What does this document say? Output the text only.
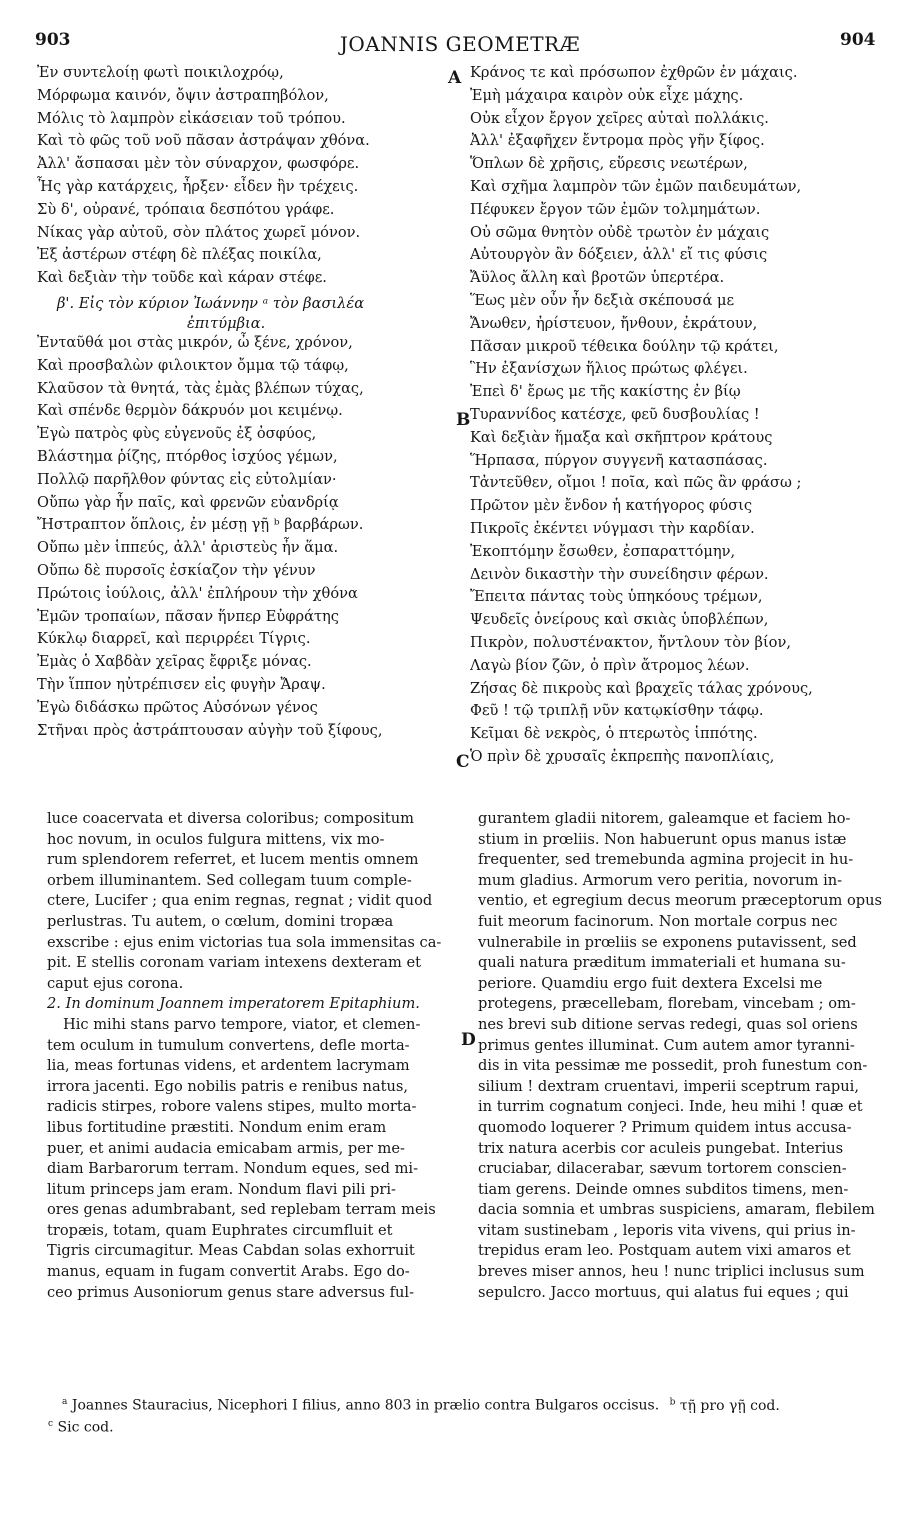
903	JOANNIS GEOMETRÆ	904
A
B
C
D
Ἐν συντελοίῃ φωτὶ ποικιλοχρόῳ,
Μόρφωμα καινόν, ὄψιν ἀστραπηβόλον,
Μόλις τὸ λαμπρὸν εἰκάσειαν τοῦ τρόπου.
Καὶ τὸ φῶς τοῦ νοῦ πᾶσαν ἀστράψαν χθόνα.
Ἀλλ' ἄσπασαι μὲν τὸν σύναρχον, φωσφόρε.
Ἧς γὰρ κατάρχεις, ἦρξεν· εἶδεν ἣν τρέχεις.
Σὺ δ', οὐρανέ, τρόπαια δεσπότου γράφε.
Νίκας γὰρ αὐτοῦ, σὸν πλάτος χωρεῖ μόνον.
Ἐξ ἀστέρων στέφη δὲ πλέξας ποικίλα,
Καὶ δεξιὰν τὴν τοῦδε καὶ κάραν στέφε.
β'. Εἰς τὸν κύριον Ἰωάννην ᵃ τὸν βασιλέα
ἐπιτύμβια.
Ἐνταῦθά μοι στὰς μικρόν, ὦ ξένε, χρόνον,
Καὶ προσβαλὼν φιλοικτον ὄμμα τῷ τάφῳ,
Κλαῦσον τὰ θνητά, τὰς ἐμὰς βλέπων τύχας,
Καὶ σπένδε θερμὸν δάκρυόν μοι κειμένῳ.
Ἐγὼ πατρὸς φὺς εὐγενοῦς ἐξ ὀσφύος,
Βλάστημα ῥίζης, πτόρθος ἰσχύος γέμων,
Πολλῷ παρῆλθον φύντας εἰς εὐτολμίαν·
Οὔπω γὰρ ἦν παῖς, καὶ φρενῶν εὐανδρίᾳ
Ἤστραπτον ὅπλοις, ἐν μέσῃ γῇ ᵇ βαρβάρων.
Οὔπω μὲν ἱππεύς, ἀλλ' ἀριστεὺς ἦν ἅμα.
Οὔπω δὲ πυρσοῖς ἐσκίαζον τὴν γένυν
Πρώτοις ἰούλοις, ἀλλ' ἐπλήρουν τὴν χθόνα
Ἐμῶν τροπαίων, πᾶσαν ἥνπερ Εὐφράτης
Κύκλῳ διαρρεῖ, καὶ περιρρέει Τίγρις.
Ἐμὰς ὁ Χαβδὰν χεῖρας ἔφριξε μόνας.
Τὴν ἵππον ηὐτρέπισεν εἰς φυγὴν Ἄραψ.
Ἐγὼ διδάσκω πρῶτος Αὐσόνων γένος
Στῆναι πρὸς ἀστράπτουσαν αὐγὴν τοῦ ξίφους,
Κράνος τε καὶ πρόσωπον ἐχθρῶν ἐν μάχαις.
Ἐμὴ μάχαιρα καιρὸν οὐκ εἶχε μάχης.
Οὐκ εἶχον ἔργον χεῖρες αὐταὶ πολλάκις.
Ἀλλ' ἐξαφῆχεν ἔντρομα πρὸς γῆν ξίφος.
Ὅπλων δὲ χρῆσις, εὕρεσις νεωτέρων,
Καὶ σχῆμα λαμπρὸν τῶν ἐμῶν παιδευμάτων,
Πέφυκεν ἔργον τῶν ἐμῶν τολμημάτων.
Οὐ σῶμα θνητὸν οὐδὲ τρωτὸν ἐν μάχαις
Αὐτουργὸν ἂν δόξειεν, ἀλλ' εἴ τις φύσις
Ἄϋλος ἄλλη καὶ βροτῶν ὑπερτέρα.
Ἕως μὲν οὖν ἦν δεξιὰ σκέπουσά με
Ἄνωθεν, ἠρίστευον, ἤνθουν, ἐκράτουν,
Πᾶσαν μικροῦ τέθεικα δούλην τῷ κράτει,
Ἣν ἐξανίσχων ἥλιος πρώτως φλέγει.
Ἐπεὶ δ' ἔρως με τῆς κακίστης ἐν βίῳ
Τυραννίδος κατέσχε, φεῦ δυσβουλίας !
Καὶ δεξιὰν ἥμαξα καὶ σκῆπτρον κράτους
Ἥρπασα, πύργον συγγενῆ κατασπάσας.
Τἀντεῦθεν, οἴμοι ! ποῖα, καὶ πῶς ἂν φράσω ;
Πρῶτον μὲν ἔνδον ἡ κατήγορος φύσις
Πικροῖς ἐκέντει νύγμασι τὴν καρδίαν.
Ἐκοπτόμην ἔσωθεν, ἐσπαραττόμην,
Δεινὸν δικαστὴν τὴν συνείδησιν φέρων.
Ἔπειτα πάντας τοὺς ὑπηκόους τρέμων,
Ψευδεῖς ὀνείρους καὶ σκιὰς ὑποβλέπων,
Πικρὸν, πολυστένακτον, ἤντλουν τὸν βίον,
Λαγὼ βίον ζῶν, ὁ πρὶν ἄτρομος λέων.
Ζήσας δὲ πικροὺς καὶ βραχεῖς τάλας χρόνους,
Φεῦ ! τῷ τριπλῇ νῦν κατῳκίσθην τάφῳ.
Κεῖμαι δὲ νεκρὸς, ὁ πτερωτὸς ἱππότης.
Ὁ πρὶν δὲ χρυσαῖς ἐκπρεπὴς πανοπλίαις,
luce coacervata et diversa coloribus; compositum
hoc novum, in oculos fulgura mittens, vix mo-
rum splendorem referret, et lucem mentis omnem
orbem illuminantem. Sed collegam tuum comple-
ctere, Lucifer ; qua enim regnas, regnat ; vidit quod
perlustras. Tu autem, o cœlum, domini tropæa
exscribe : ejus enim victorias tua sola immensitas ca-
pit. E stellis coronam variam intexens dexteram et
caput ejus corona.
2. In dominum Joannem imperatorem Epitaphium.
Hic mihi stans parvo tempore, viator, et clemen-
tem oculum in tumulum convertens, defle morta-
lia, meas fortunas videns, et ardentem lacrymam
irrora jacenti. Ego nobilis patris e renibus natus,
radicis stirpes, robore valens stipes, multo morta-
libus fortitudine præstiti. Nondum enim eram
puer, et animi audacia emicabam armis, per me-
diam Barbarorum terram. Nondum eques, sed mi-
litum princeps jam eram. Nondum flavi pili pri-
ores genas adumbrabant, sed replebam terram meis
tropæis, totam, quam Euphrates circumfluit et
Tigris circumagitur. Meas Cabdan solas exhorruit
manus, equam in fugam convertit Arabs. Ego do-
ceo primus Ausoniorum genus stare adversus ful-
gurantem gladii nitorem, galeamque et faciem ho-
stium in prœliis. Non habuerunt opus manus istæ
frequenter, sed tremebunda agmina projecit in hu-
mum gladius. Armorum vero peritia, novorum in-
ventio, et egregium decus meorum præceptorum opus
fuit meorum facinorum. Non mortale corpus nec
vulnerabile in prœliis se exponens putavissent, sed
quali natura præditum immateriali et humana su-
periore. Quamdiu ergo fuit dextera Excelsi me
protegens, præcellebam, florebam, vincebam ; om-
nes brevi sub ditione servas redegi, quas sol oriens
primus gentes illuminat. Cum autem amor tyranni-
dis in vita pessimæ me possedit, proh funestum con-
silium ! dextram cruentavi, imperii sceptrum rapui,
in turrim cognatum conjeci. Inde, heu mihi ! quæ et
quomodo loquerer ? Primum quidem intus accusa-
trix natura acerbis cor aculeis pungebat. Interius
cruciabar, dilacerabar, sævum tortorem conscien-
tiam gerens. Deinde omnes subditos timens, men-
dacia somnia et umbras suspiciens, amaram, flebilem
vitam sustinebam , leporis vita vivens, qui prius in-
trepidus eram leo. Postquam autem vixi amaros et
breves miser annos, heu ! nunc triplici inclusus sum
sepulcro. Jacco mortuus, qui alatus fui eques ; qui
$^a$ Joannes Stauracius, Nicephori I filius, anno 803 in prælio contra Bulgaros occisus. $^b$ τῇ pro γῇ cod.
$^c$ Sic cod.
